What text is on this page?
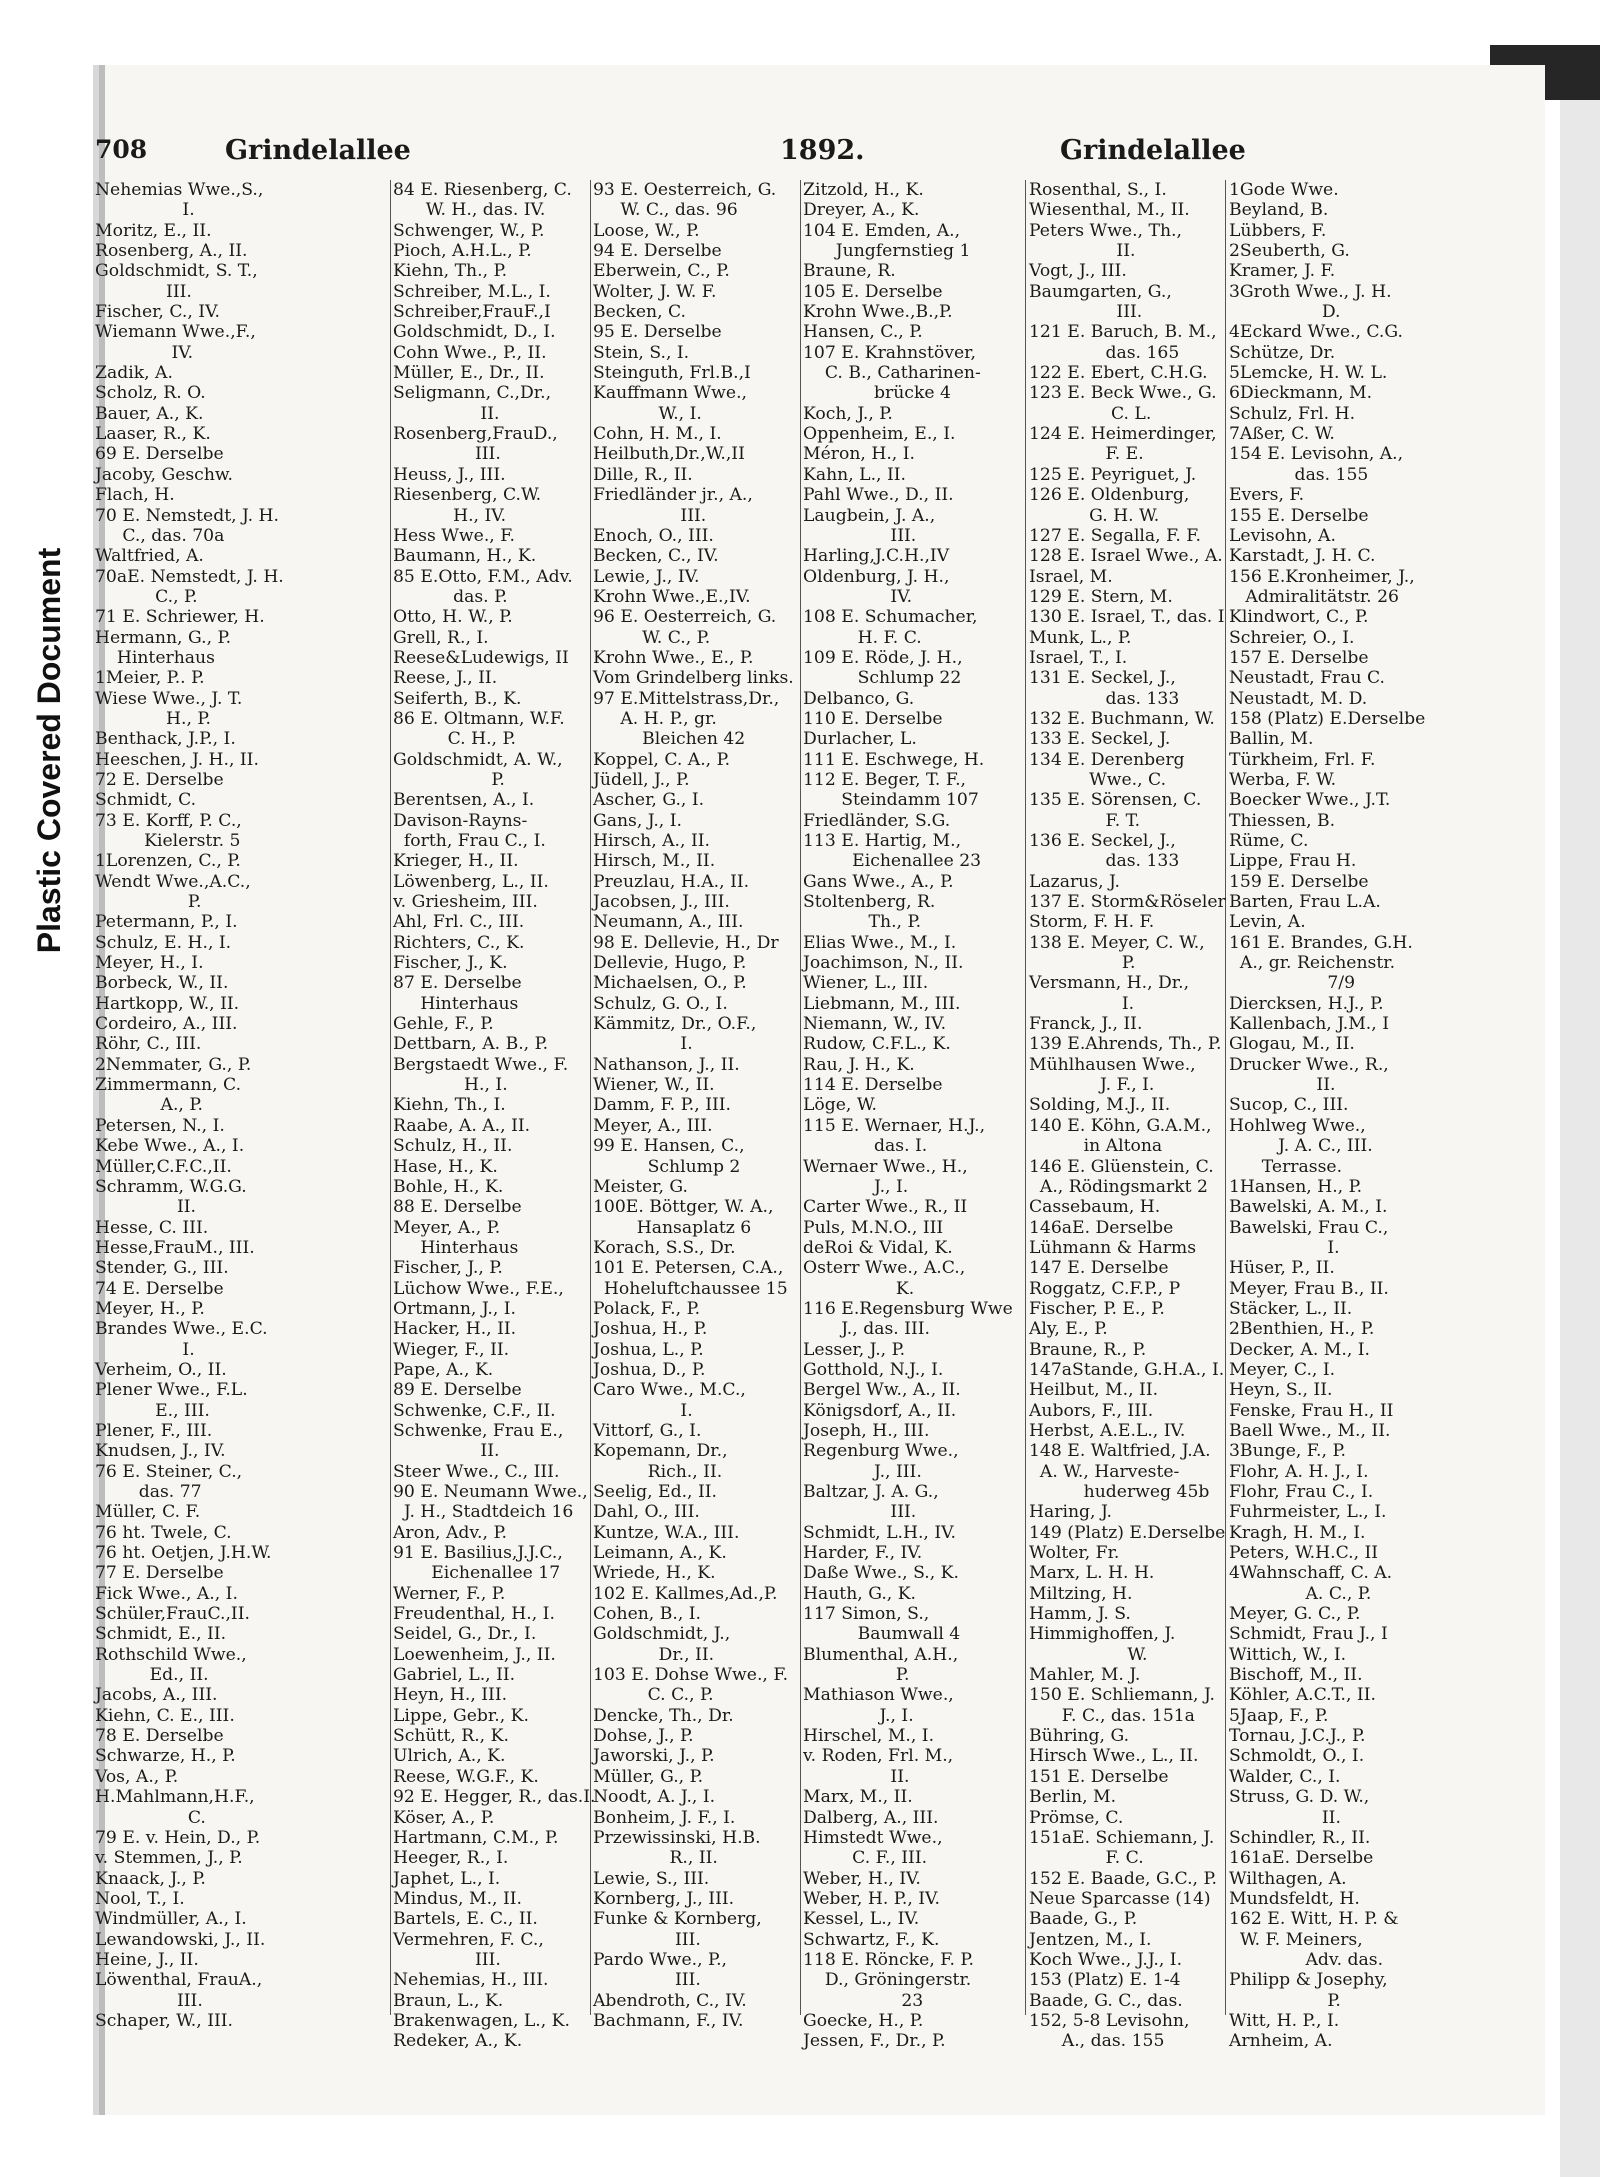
Plastic Covered Document
708	Grindelallee	1892.	Grindelallee
Nehemias Wwe.,S.,
I.
Moritz, E., II.
Rosenberg, A., II.
Goldschmidt, S. T.,
III.
Fischer, C., IV.
Wiemann Wwe.,F.,
IV.
Zadik, A.
Scholz, R. O.
Bauer, A., K.
Laaser, R., K.
69 E. Derselbe
Jacoby, Geschw.
Flach, H.
70 E. Nemstedt, J. H.
C., das. 70a
Waltfried, A.
70aE. Nemstedt, J. H.
C., P.
71 E. Schriewer, H.
Hermann, G., P.
Hinterhaus
1Meier, P.. P.
Wiese Wwe., J. T.
H., P.
Benthack, J.P., I.
Heeschen, J. H., II.
72 E. Derselbe
Schmidt, C.
73 E. Korff, P. C.,
Kielerstr. 5
1Lorenzen, C., P.
Wendt Wwe.,A.C.,
P.
Petermann, P., I.
Schulz, E. H., I.
Meyer, H., I.
Borbeck, W., II.
Hartkopp, W., II.
Cordeiro, A., III.
Röhr, C., III.
2Nemmater, G., P.
Zimmermann, C.
A., P.
Petersen, N., I.
Kebe Wwe., A., I.
Müller,C.F.C.,II.
Schramm, W.G.G.
II.
Hesse, C. III.
Hesse,FrauM., III.
Stender, G., III.
74 E. Derselbe
Meyer, H., P.
Brandes Wwe., E.C.
I.
Verheim, O., II.
Plener Wwe., F.L.
E., III.
Plener, F., III.
Knudsen, J., IV.
76 E. Steiner, C.,
das. 77
Müller, C. F.
76 ht. Twele, C.
76 ht. Oetjen, J.H.W.
77 E. Derselbe
Fick Wwe., A., I.
Schüler,FrauC.,II.
Schmidt, E., II.
Rothschild Wwe.,
Ed., II.
Jacobs, A., III.
Kiehn, C. E., III.
78 E. Derselbe
Schwarze, H., P.
Vos, A., P.
H.Mahlmann,H.F.,
C.
79 E. v. Hein, D., P.
v. Stemmen, J., P.
Knaack, J., P.
Nool, T., I.
Windmüller, A., I.
Lewandowski, J., II.
Heine, J., II.
Löwenthal, FrauA.,
III.
Schaper, W., III.
84 E. Riesenberg, C.
W. H., das. IV.
Schwenger, W., P.
Pioch, A.H.L., P.
Kiehn, Th., P.
Schreiber, M.L., I.
Schreiber,FrauF.,I
Goldschmidt, D., I.
Cohn Wwe., P., II.
Müller, E., Dr., II.
Seligmann, C.,Dr.,
II.
Rosenberg,FrauD.,
III.
Heuss, J., III.
Riesenberg, C.W.
H., IV.
Hess Wwe., F.
Baumann, H., K.
85 E.Otto, F.M., Adv.
das. P.
Otto, H. W., P.
Grell, R., I.
Reese&Ludewigs, II
Reese, J., II.
Seiferth, B., K.
86 E. Oltmann, W.F.
C. H., P.
Goldschmidt, A. W.,
P.
Berentsen, A., I.
Davison-Rayns-
forth, Frau C., I.
Krieger, H., II.
Löwenberg, L., II.
v. Griesheim, III.
Ahl, Frl. C., III.
Richters, C., K.
Fischer, J., K.
87 E. Derselbe
Hinterhaus
Gehle, F., P.
Dettbarn, A. B., P.
Bergstaedt Wwe., F.
H., I.
Kiehn, Th., I.
Raabe, A. A., II.
Schulz, H., II.
Hase, H., K.
Bohle, H., K.
88 E. Derselbe
Meyer, A., P.
Hinterhaus
Fischer, J., P.
Lüchow Wwe., F.E.,
Ortmann, J., I.
Hacker, H., II.
Wieger, F., II.
Pape, A., K.
89 E. Derselbe
Schwenke, C.F., II.
Schwenke, Frau E.,
II.
Steer Wwe., C., III.
90 E. Neumann Wwe.,
J. H., Stadtdeich 16
Aron, Adv., P.
91 E. Basilius,J.J.C.,
Eichenallee 17
Werner, F., P.
Freudenthal, H., I.
Seidel, G., Dr., I.
Loewenheim, J., II.
Gabriel, L., II.
Heyn, H., III.
Lippe, Gebr., K.
Schütt, R., K.
Ulrich, A., K.
Reese, W.G.F., K.
92 E. Hegger, R., das.I.
Köser, A., P.
Hartmann, C.M., P.
Heeger, R., I.
Japhet, L., I.
Mindus, M., II.
Bartels, E. C., II.
Vermehren, F. C.,
III.
Nehemias, H., III.
Braun, L., K.
Brakenwagen, L., K.
Redeker, A., K.
93 E. Oesterreich, G.
W. C., das. 96
Loose, W., P.
94 E. Derselbe
Eberwein, C., P.
Wolter, J. W. F.
Becken, C.
95 E. Derselbe
Stein, S., I.
Steinguth, Frl.B.,I
Kauffmann Wwe.,
W., I.
Cohn, H. M., I.
Heilbuth,Dr.,W.,II
Dille, R., II.
Friedländer jr., A.,
III.
Enoch, O., III.
Becken, C., IV.
Lewie, J., IV.
Krohn Wwe.,E.,IV.
96 E. Oesterreich, G.
W. C., P.
Krohn Wwe., E., P.
Vom Grindelberg links.
97 E.Mittelstrass,Dr.,
A. H. P., gr.
Bleichen 42
Koppel, C. A., P.
Jüdell, J., P.
Ascher, G., I.
Gans, J., I.
Hirsch, A., II.
Hirsch, M., II.
Preuzlau, H.A., II.
Jacobsen, J., III.
Neumann, A., III.
98 E. Dellevie, H., Dr
Dellevie, Hugo, P.
Michaelsen, O., P.
Schulz, G. O., I.
Kämmitz, Dr., O.F.,
I.
Nathanson, J., II.
Wiener, W., II.
Damm, F. P., III.
Meyer, A., III.
99 E. Hansen, C.,
Schlump 2
Meister, G.
100E. Böttger, W. A.,
Hansaplatz 6
Korach, S.S., Dr.
101 E. Petersen, C.A.,
Hoheluftchaussee 15
Polack, F., P.
Joshua, H., P.
Joshua, L., P.
Joshua, D., P.
Caro Wwe., M.C.,
I.
Vittorf, G., I.
Kopemann, Dr.,
Rich., II.
Seelig, Ed., II.
Dahl, O., III.
Kuntze, W.A., III.
Leimann, A., K.
Wriede, H., K.
102 E. Kallmes,Ad.,P.
Cohen, B., I.
Goldschmidt, J.,
Dr., II.
103 E. Dohse Wwe., F.
C. C., P.
Dencke, Th., Dr.
Dohse, J., P.
Jaworski, J., P.
Müller, G., P.
Noodt, A. J., I.
Bonheim, J. F., I.
Przewissinski, H.B.
R., II.
Lewie, S., III.
Kornberg, J., III.
Funke & Kornberg,
III.
Pardo Wwe., P.,
III.
Abendroth, C., IV.
Bachmann, F., IV.
Zitzold, H., K.
Dreyer, A., K.
104 E. Emden, A.,
Jungfernstieg 1
Braune, R.
105 E. Derselbe
Krohn Wwe.,B.,P.
Hansen, C., P.
107 E. Krahnstöver,
C. B., Catharinen-
brücke 4
Koch, J., P.
Oppenheim, E., I.
Méron, H., I.
Kahn, L., II.
Pahl Wwe., D., II.
Laugbein, J. A.,
III.
Harling,J.C.H.,IV
Oldenburg, J. H.,
IV.
108 E. Schumacher,
H. F. C.
109 E. Röde, J. H.,
Schlump 22
Delbanco, G.
110 E. Derselbe
Durlacher, L.
111 E. Eschwege, H.
112 E. Beger, T. F.,
Steindamm 107
Friedländer, S.G.
113 E. Hartig, M.,
Eichenallee 23
Gans Wwe., A., P.
Stoltenberg, R.
Th., P.
Elias Wwe., M., I.
Joachimson, N., II.
Wiener, L., III.
Liebmann, M., III.
Niemann, W., IV.
Rudow, C.F.L., K.
Rau, J. H., K.
114 E. Derselbe
Löge, W.
115 E. Wernaer, H.J.,
das. I.
Wernaer Wwe., H.,
J., I.
Carter Wwe., R., II
Puls, M.N.O., III
deRoi & Vidal, K.
Osterr Wwe., A.C.,
K.
116 E.Regensburg Wwe
J., das. III.
Lesser, J., P.
Gotthold, N.J., I.
Bergel Ww., A., II.
Königsdorf, A., II.
Joseph, H., III.
Regenburg Wwe.,
J., III.
Baltzar, J. A. G.,
III.
Schmidt, L.H., IV.
Harder, F., IV.
Daße Wwe., S., K.
Hauth, G., K.
117 Simon, S.,
Baumwall 4
Blumenthal, A.H.,
P.
Mathiason Wwe.,
J., I.
Hirschel, M., I.
v. Roden, Frl. M.,
II.
Marx, M., II.
Dalberg, A., III.
Himstedt Wwe.,
C. F., III.
Weber, H., IV.
Weber, H. P., IV.
Kessel, L., IV.
Schwartz, F., K.
118 E. Röncke, F. P.
D., Gröningerstr.
23
Goecke, H., P.
Jessen, F., Dr., P.
Rosenthal, S., I.
Wiesenthal, M., II.
Peters Wwe., Th.,
II.
Vogt, J., III.
Baumgarten, G.,
III.
121 E. Baruch, B. M.,
das. 165
122 E. Ebert, C.H.G.
123 E. Beck Wwe., G.
C. L.
124 E. Heimerdinger,
F. E.
125 E. Peyriguet, J.
126 E. Oldenburg,
G. H. W.
127 E. Segalla, F. F.
128 E. Israel Wwe., A.
Israel, M.
129 E. Stern, M.
130 E. Israel, T., das. I
Munk, L., P.
Israel, T., I.
131 E. Seckel, J.,
das. 133
132 E. Buchmann, W.
133 E. Seckel, J.
134 E. Derenberg
Wwe., C.
135 E. Sörensen, C.
F. T.
136 E. Seckel, J.,
das. 133
Lazarus, J.
137 E. Storm&Röseler
Storm, F. H. F.
138 E. Meyer, C. W.,
P.
Versmann, H., Dr.,
I.
Franck, J., II.
139 E.Ahrends, Th., P.
Mühlhausen Wwe.,
J. F., I.
Solding, M.J., II.
140 E. Köhn, G.A.M.,
in Altona
146 E. Glüenstein, C.
A., Rödingsmarkt 2
Cassebaum, H.
146aE. Derselbe
Lühmann & Harms
147 E. Derselbe
Roggatz, C.F.P., P
Fischer, P. E., P.
Aly, E., P.
Braune, R., P.
147aStande, G.H.A., I.
Heilbut, M., II.
Aubors, F., III.
Herbst, A.E.L., IV.
148 E. Waltfried, J.A.
A. W., Harveste-
huderweg 45b
Haring, J.
149 (Platz) E.Derselbe
Wolter, Fr.
Marx, L. H. H.
Miltzing, H.
Hamm, J. S.
Himmighoffen, J.
W.
Mahler, M. J.
150 E. Schliemann, J.
F. C., das. 151a
Bühring, G.
Hirsch Wwe., L., II.
151 E. Derselbe
Berlin, M.
Prömse, C.
151aE. Schiemann, J.
F. C.
152 E. Baade, G.C., P.
Neue Sparcasse (14)
Baade, G., P.
Jentzen, M., I.
Koch Wwe., J.J., I.
153 (Platz) E. 1-4
Baade, G. C., das.
152, 5-8 Levisohn,
A., das. 155
1Gode Wwe.
Beyland, B.
Lübbers, F.
2Seuberth, G.
Kramer, J. F.
3Groth Wwe., J. H.
D.
4Eckard Wwe., C.G.
Schütze, Dr.
5Lemcke, H. W. L.
6Dieckmann, M.
Schulz, Frl. H.
7Aßer, C. W.
154 E. Levisohn, A.,
das. 155
Evers, F.
155 E. Derselbe
Levisohn, A.
Karstadt, J. H. C.
156 E.Kronheimer, J.,
Admiralitätstr. 26
Klindwort, C., P.
Schreier, O., I.
157 E. Derselbe
Neustadt, Frau C.
Neustadt, M. D.
158 (Platz) E.Derselbe
Ballin, M.
Türkheim, Frl. F.
Werba, F. W.
Boecker Wwe., J.T.
Thiessen, B.
Rüme, C.
Lippe, Frau H.
159 E. Derselbe
Barten, Frau L.A.
Levin, A.
161 E. Brandes, G.H.
A., gr. Reichenstr.
7/9
Diercksen, H.J., P.
Kallenbach, J.M., I
Glogau, M., II.
Drucker Wwe., R.,
II.
Sucop, C., III.
Hohlweg Wwe.,
J. A. C., III.
Terrasse.
1Hansen, H., P.
Bawelski, A. M., I.
Bawelski, Frau C.,
I.
Hüser, P., II.
Meyer, Frau B., II.
Stäcker, L., II.
2Benthien, H., P.
Decker, A. M., I.
Meyer, C., I.
Heyn, S., II.
Fenske, Frau H., II
Baell Wwe., M., II.
3Bunge, F., P.
Flohr, A. H. J., I.
Flohr, Frau C., I.
Fuhrmeister, L., I.
Kragh, H. M., I.
Peters, W.H.C., II
4Wahnschaff, C. A.
A. C., P.
Meyer, G. C., P.
Schmidt, Frau J., I
Wittich, W., I.
Bischoff, M., II.
Köhler, A.C.T., II.
5Jaap, F., P.
Tornau, J.C.J., P.
Schmoldt, O., I.
Walder, C., I.
Struss, G. D. W.,
II.
Schindler, R., II.
161aE. Derselbe
Wilthagen, A.
Mundsfeldt, H.
162 E. Witt, H. P. &
W. F. Meiners,
Adv. das.
Philipp & Josephy,
P.
Witt, H. P., I.
Arnheim, A.
